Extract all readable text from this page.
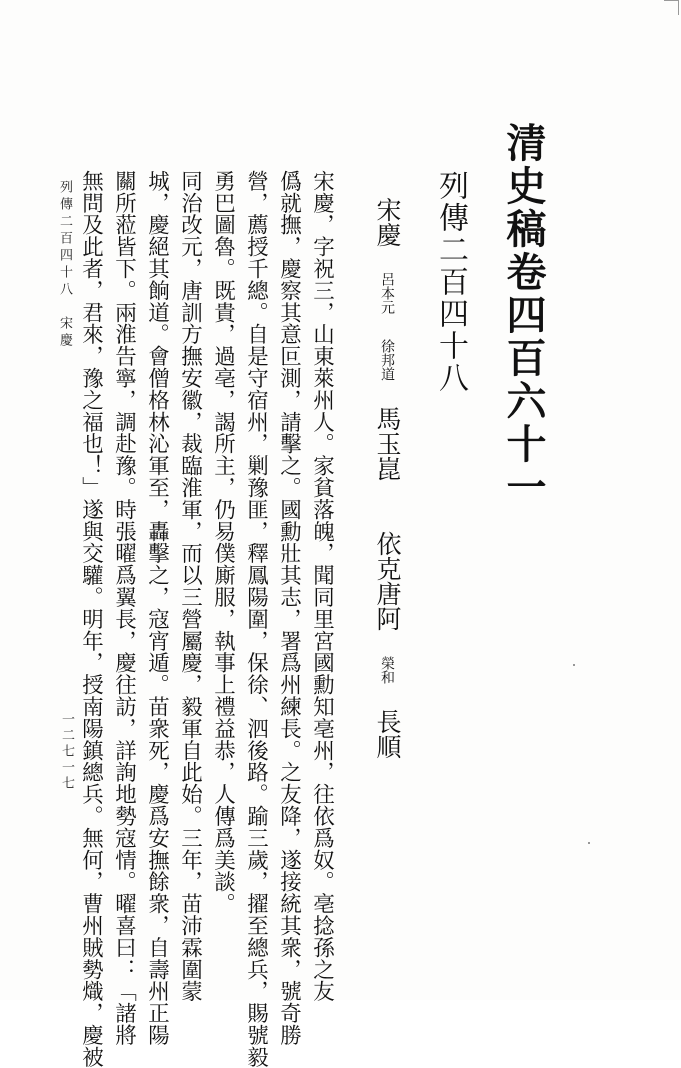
清史稿卷四百六十一
列傳二百四十八
宋慶　呂本元　徐邦道　馬玉崑　　依克唐阿　榮和　長順
宋慶，字祝三，山東萊州人。家貧落魄，聞同里宮國勳知亳州，往依爲奴。亳捻孫之友
僞就撫，慶察其意叵測，請擊之。國勳壯其志，署爲州練長。之友降，遂接統其衆，號奇勝
營，薦授千總。自是守宿州，剿豫匪，釋鳳陽圍，保徐、泗後路。踰三歲，擢至總兵，賜號毅
勇巴圖魯。既貴，過亳，謁所主，仍易僕廝服，執事上禮益恭，人傳爲美談。
同治改元，唐訓方撫安徽，裁臨淮軍，而以三營屬慶，毅軍自此始。三年，苗沛霖圍蒙
城，慶絕其餉道。會僧格林沁軍至，轟擊之，寇宵遁。苗衆死，慶爲安撫餘衆，自壽州正陽
關所蒞皆下。兩淮告寧，調赴豫。時張曜爲翼長，慶往訪，詳詢地勢寇情。曜喜曰：「諸將
無問及此者，君來，豫之福也！」遂與交驩。明年，授南陽鎮總兵。無何，曹州賊勢熾，慶被
列傳二百四十八　宋慶
一二七一七
